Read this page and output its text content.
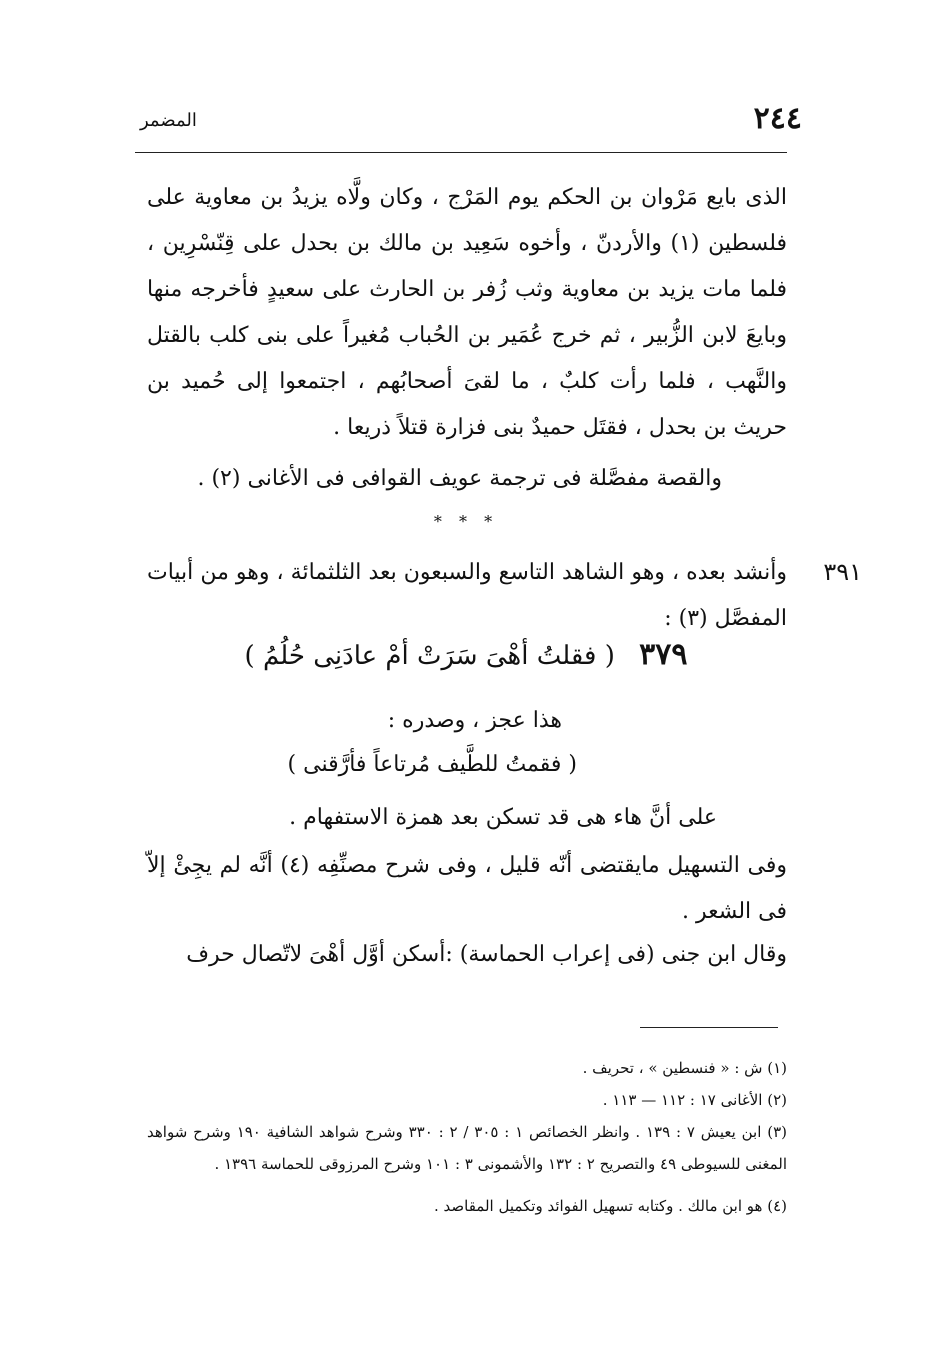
٢٤٤
المضمر
الذى بايع مَرْوان بن الحكم يوم المَرْج ، وكان ولَّاه يزيدُ بن معاوية على فلسطين (١) والأردنّ ، وأخوه سَعِيد بن مالك بن بحدل على قِنّسْرِين ، فلما مات يزيد بن معاوية وثب زُفر بن الحارث على سعيدٍ فأخرجه منها وبايعَ لابن الزُّبير ، ثم خرج عُمَير بن الحُباب مُغيراً على بنى كلب بالقتل والنَّهب ، فلما رأت كلبٌ ، ما لقىَ أصحابُهم ، اجتمعوا إلى حُميد بن حريث بن بحدل ، فقتَل حميدٌ بنى فزارة قتلاً ذريعا .
والقصة مفصَّلة فى ترجمة عويف القوافى فى الأغانى (٢) .
* * *
٣٩١
وأنشد بعده ، وهو الشاهد التاسع والسبعون بعد الثلثمائة ، وهو من أبيات المفصَّل (٣) :
٣٧٩ ( فقلتُ أهْىَ سَرَتْ أمْ عادَنِى حُلُمُ )
هذا عجز ، وصدره :
( فقمتُ للطَّيف مُرتاعاً فأرَّقنى )
على أنَّ هاء هى قد تسكن بعد همزة الاستفهام .
وفى التسهيل مايقتضى أنّه قليل ، وفى شرح مصنِّفِه (٤) أنَّه لم يجِئْ إلاّ فى الشعر .
وقال ابن جنى (فى إعراب الحماسة) :أسكن أوَّل أهْىَ لاتّصال حرف
(١) ش : « فنسطين » ، تحريف .
(٢) الأغانى ١٧ : ١١٢ — ١١٣ .
(٣) ابن يعيش ٧ : ١٣٩ . وانظر الخصائص ١ : ٣٠٥ / ٢ : ٣٣٠ وشرح شواهد الشافية ١٩٠ وشرح شواهد المغنى للسيوطى ٤٩ والتصريح ٢ : ١٣٢ والأشمونى ٣ : ١٠١ وشرح المرزوقى للحماسة ١٣٩٦ .
(٤) هو ابن مالك . وكتابه تسهيل الفوائد وتكميل المقاصد .
